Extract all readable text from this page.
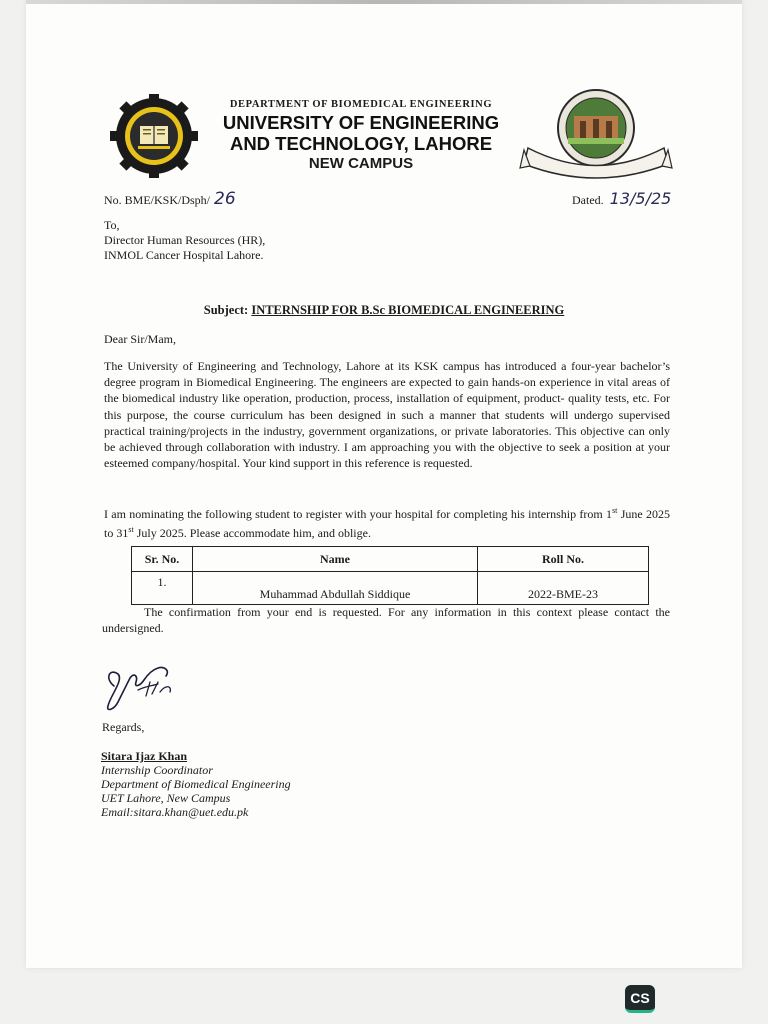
DEPARTMENT OF BIOMEDICAL ENGINEERING
UNIVERSITY OF ENGINEERING
AND TECHNOLOGY, LAHORE
NEW CAMPUS
No. BME/KSK/Dsph/ 26	Dated. 13/5/25
To,
Director Human Resources (HR),
INMOL Cancer Hospital Lahore.
Subject: INTERNSHIP FOR B.Sc BIOMEDICAL ENGINEERING
Dear Sir/Mam,
The University of Engineering and Technology, Lahore at its KSK campus has introduced a four-year bachelor’s degree program in Biomedical Engineering. The engineers are expected to gain hands-on experience in vital areas of the biomedical industry like operation, production, process, installation of equipment, product- quality tests, etc. For this purpose, the course curriculum has been designed in such a manner that students will undergo supervised practical training/projects in the industry, government organizations, or private laboratories. This objective can only be achieved through collaboration with industry. I am approaching you with the objective to seek a position at your esteemed company/hospital. Your kind support in this reference is requested.
I am nominating the following student to register with your hospital for completing his internship from 1st June 2025 to 31st July 2025. Please accommodate him, and oblige.
Sr. No.	Name	Roll No.
1.	Muhammad Abdullah Siddique	2022-BME-23
The confirmation from your end is requested. For any information in this context please contact the undersigned.
Regards,
Sitara Ijaz Khan
Internship Coordinator
Department of Biomedical Engineering
UET Lahore, New Campus
Email:sitara.khan@uet.edu.pk
CS
